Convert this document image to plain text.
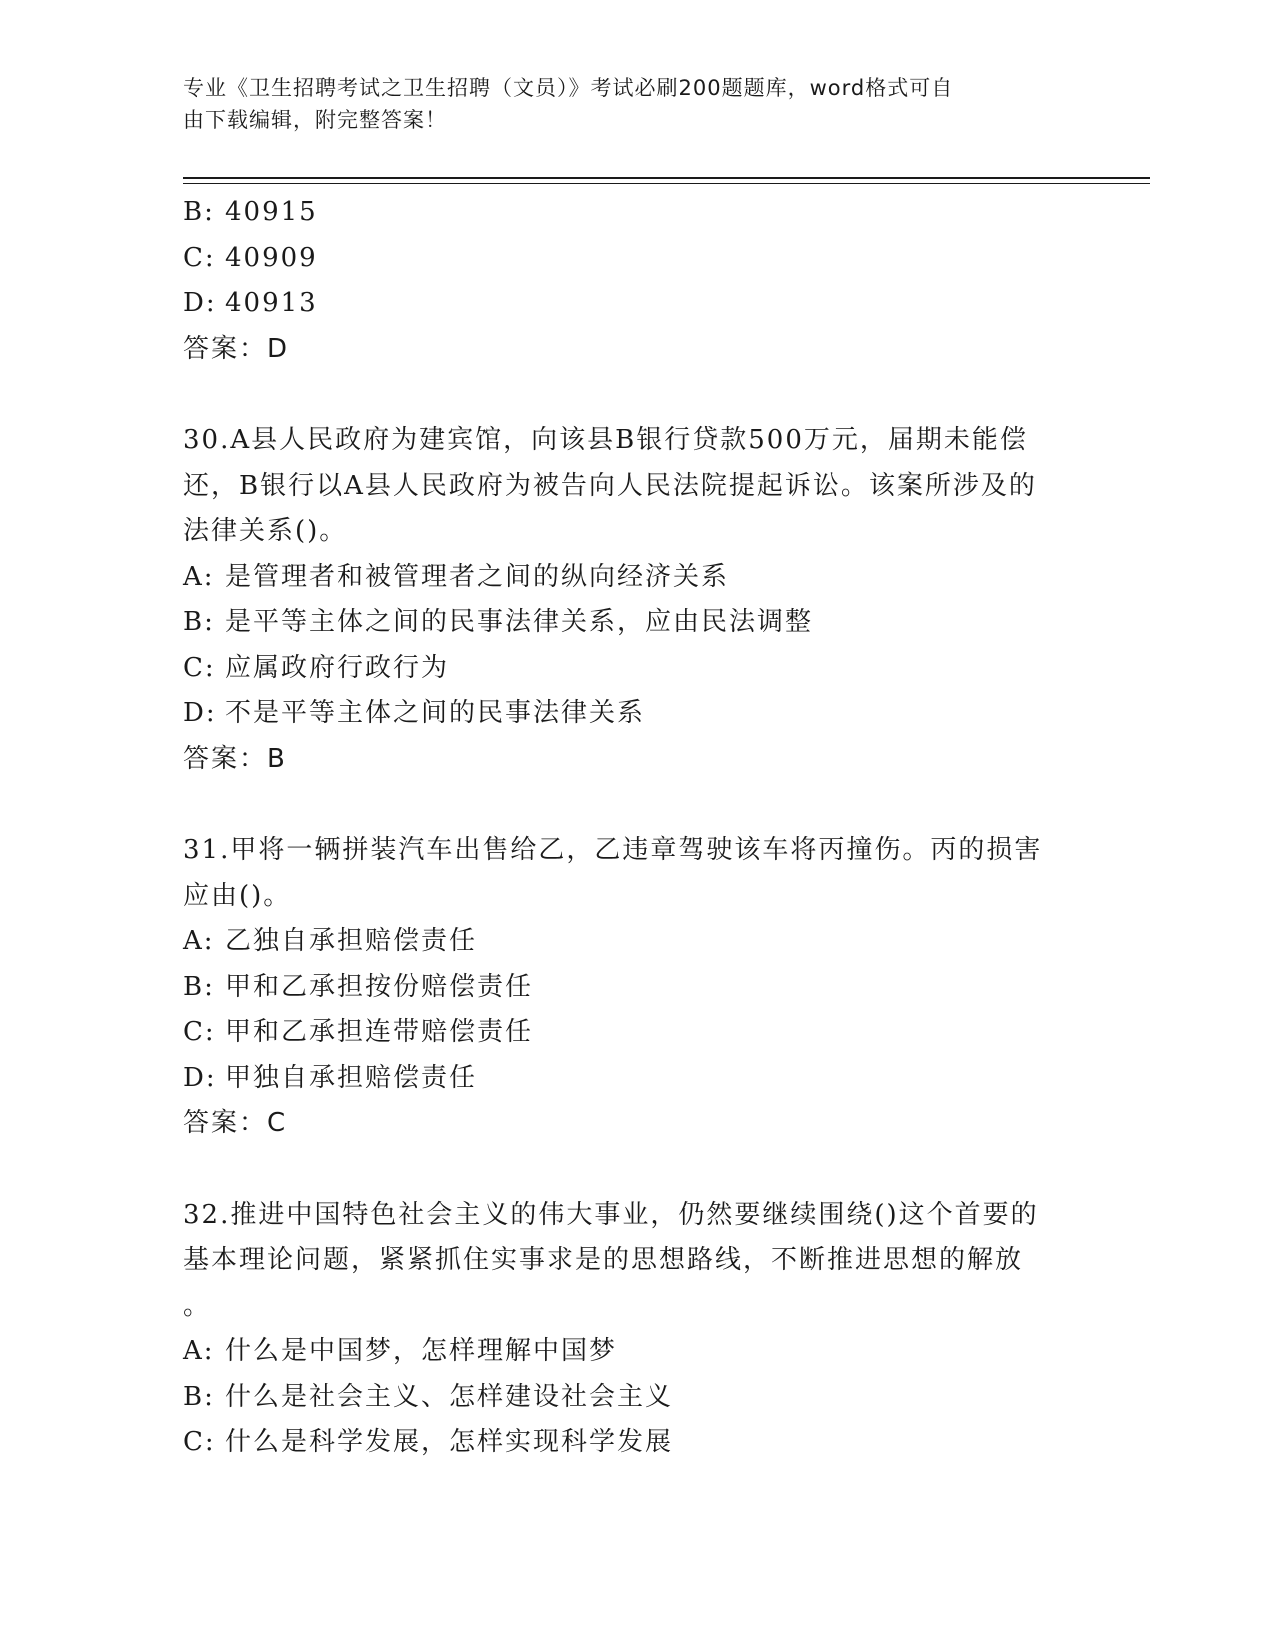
专业《卫生招聘考试之卫生招聘（文员）》考试必刷200题题库，word格式可自
由下载编辑，附完整答案！
B: 40915
C: 40909
D: 40913
答案：D
30.A县人民政府为建宾馆，向该县B银行贷款500万元，届期未能偿
还，B银行以A县人民政府为被告向人民法院提起诉讼。该案所涉及的
法律关系()。
A: 是管理者和被管理者之间的纵向经济关系
B: 是平等主体之间的民事法律关系，应由民法调整
C: 应属政府行政行为
D: 不是平等主体之间的民事法律关系
答案：B
31.甲将一辆拼装汽车出售给乙，乙违章驾驶该车将丙撞伤。丙的损害
应由()。
A: 乙独自承担赔偿责任
B: 甲和乙承担按份赔偿责任
C: 甲和乙承担连带赔偿责任
D: 甲独自承担赔偿责任
答案：C
32.推进中国特色社会主义的伟大事业，仍然要继续围绕()这个首要的
基本理论问题，紧紧抓住实事求是的思想路线，不断推进思想的解放
。
A: 什么是中国梦，怎样理解中国梦
B: 什么是社会主义、怎样建设社会主义
C: 什么是科学发展，怎样实现科学发展
